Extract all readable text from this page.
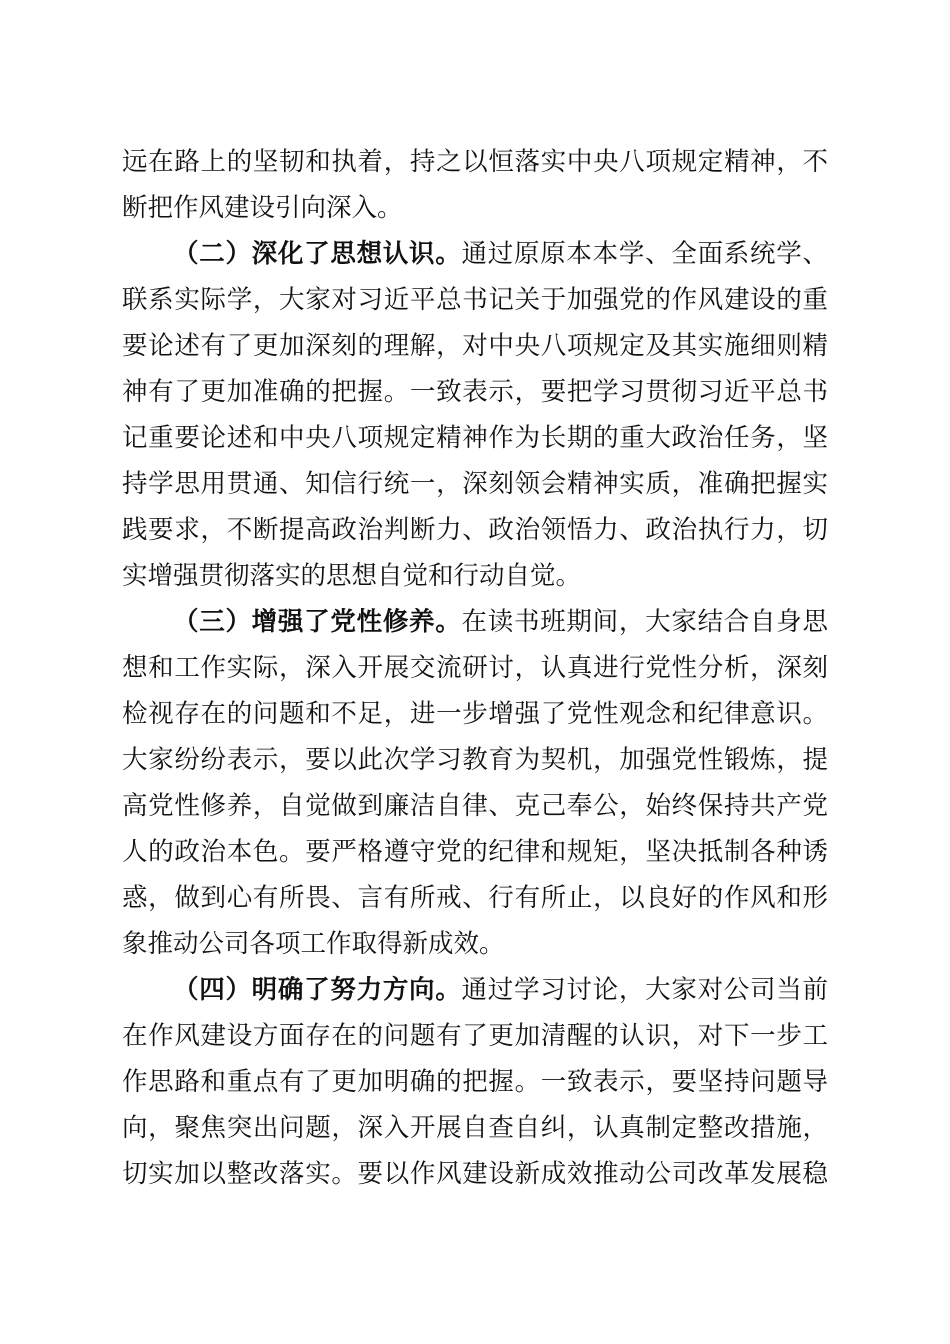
远在路上的坚韧和执着，持之以恒落实中央八项规定精神，不
断把作风建设引向深入。
（二）深化了思想认识。通过原原本本学、全面系统学、
联系实际学，大家对习近平总书记关于加强党的作风建设的重
要论述有了更加深刻的理解，对中央八项规定及其实施细则精
神有了更加准确的把握。一致表示，要把学习贯彻习近平总书
记重要论述和中央八项规定精神作为长期的重大政治任务，坚
持学思用贯通、知信行统一，深刻领会精神实质，准确把握实
践要求，不断提高政治判断力、政治领悟力、政治执行力，切
实增强贯彻落实的思想自觉和行动自觉。
（三）增强了党性修养。在读书班期间，大家结合自身思
想和工作实际，深入开展交流研讨，认真进行党性分析，深刻
检视存在的问题和不足，进一步增强了党性观念和纪律意识。
大家纷纷表示，要以此次学习教育为契机，加强党性锻炼，提
高党性修养，自觉做到廉洁自律、克己奉公，始终保持共产党
人的政治本色。要严格遵守党的纪律和规矩，坚决抵制各种诱
惑，做到心有所畏、言有所戒、行有所止，以良好的作风和形
象推动公司各项工作取得新成效。
（四）明确了努力方向。通过学习讨论，大家对公司当前
在作风建设方面存在的问题有了更加清醒的认识，对下一步工
作思路和重点有了更加明确的把握。一致表示，要坚持问题导
向，聚焦突出问题，深入开展自查自纠，认真制定整改措施，
切实加以整改落实。要以作风建设新成效推动公司改革发展稳
